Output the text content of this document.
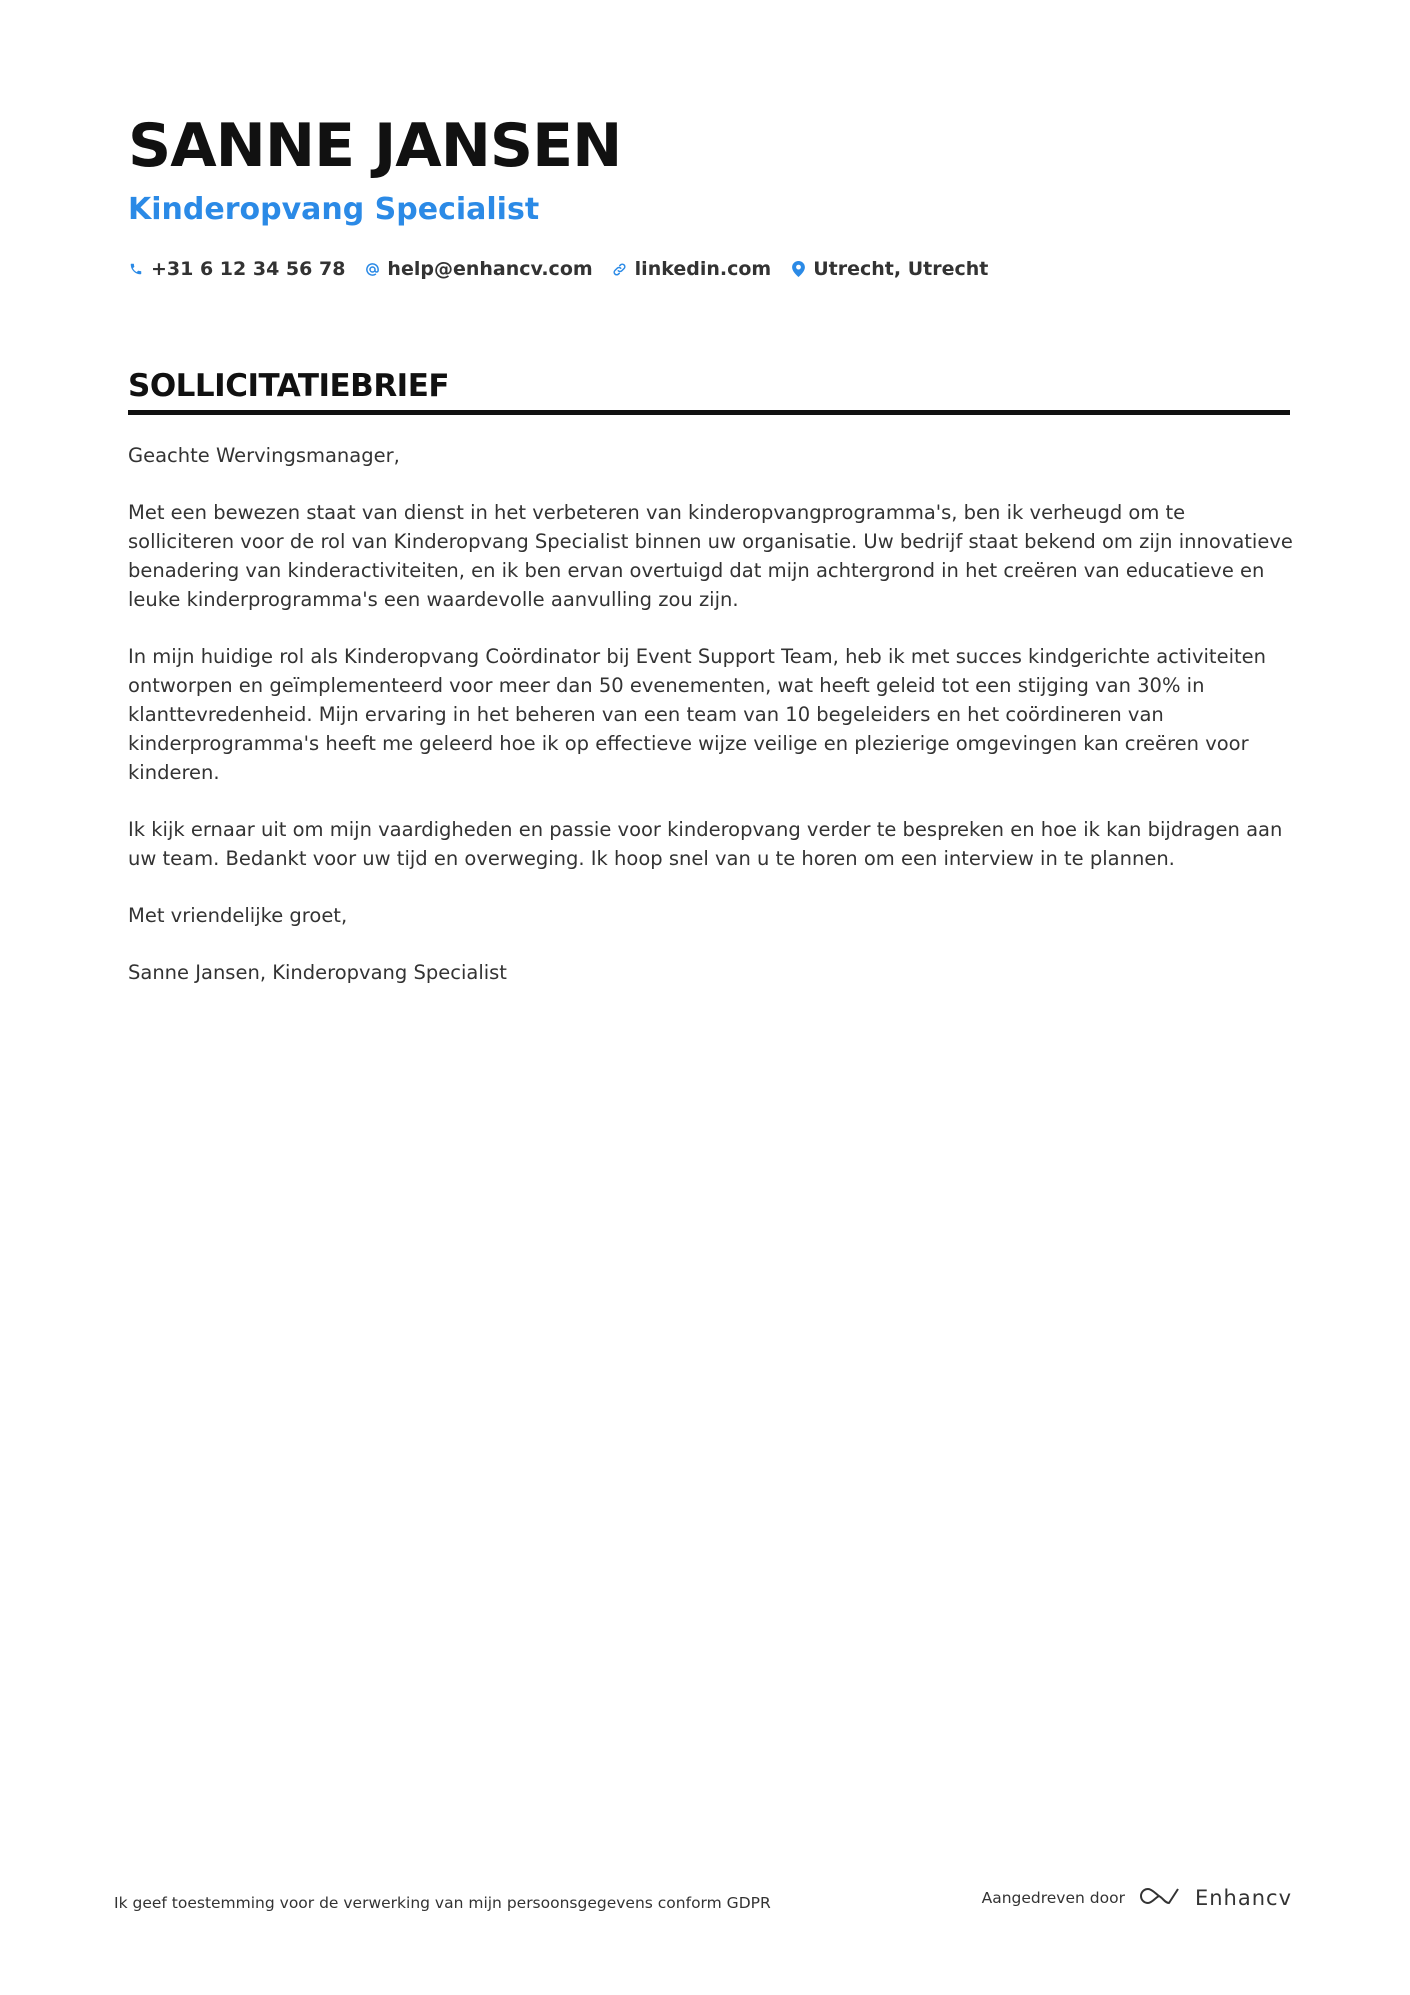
SANNE JANSEN
Kinderopvang Specialist
+31 6 12 34 56 78 help@enhancv.com linkedin.com Utrecht, Utrecht
SOLLICITATIEBRIEF

Geachte Wervingsmanager,

Met een bewezen staat van dienst in het verbeteren van kinderopvangprogramma's, ben ik verheugd om te solliciteren voor de rol van Kinderopvang Specialist binnen uw organisatie. Uw bedrijf staat bekend om zijn innovatieve benadering van kinderactiviteiten, en ik ben ervan overtuigd dat mijn achtergrond in het creëren van educatieve en leuke kinderprogramma's een waardevolle aanvulling zou zijn.

In mijn huidige rol als Kinderopvang Coördinator bij Event Support Team, heb ik met succes kindgerichte activiteiten ontworpen en geïmplementeerd voor meer dan 50 evenementen, wat heeft geleid tot een stijging van 30% in klanttevredenheid. Mijn ervaring in het beheren van een team van 10 begeleiders en het coördineren van kinderprogramma's heeft me geleerd hoe ik op effectieve wijze veilige en plezierige omgevingen kan creëren voor kinderen.

Ik kijk ernaar uit om mijn vaardigheden en passie voor kinderopvang verder te bespreken en hoe ik kan bijdragen aan uw team. Bedankt voor uw tijd en overweging. Ik hoop snel van u te horen om een interview in te plannen.

Met vriendelijke groet,

Sanne Jansen, Kinderopvang Specialist

Ik geef toestemming voor de verwerking van mijn persoonsgegevens conform GDPR	Aangedreven door	Enhancv
